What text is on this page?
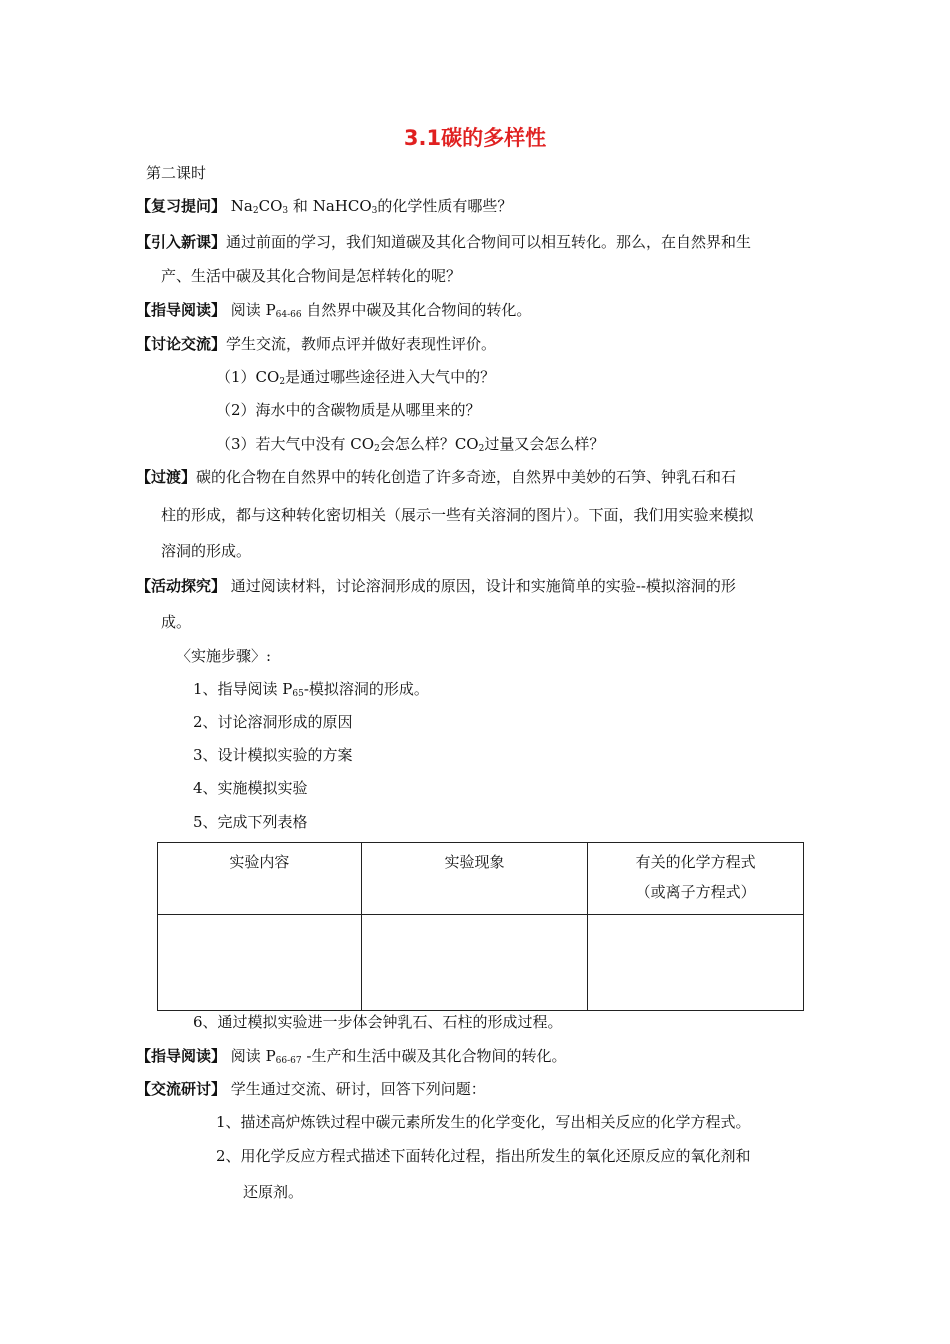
3.1碳的多样性
第二课时
【复习提问】 $Na_2CO_3$ 和 NaHCO$_3$的化学性质有哪些？
【引入新课】通过前面的学习，我们知道碳及其化合物间可以相互转化。那么，在自然界和生
产、生活中碳及其化合物间是怎样转化的呢？
【指导阅读】 阅读 $P_{64-66}$ 自然界中碳及其化合物间的转化。
【讨论交流】学生交流，教师点评并做好表现性评价。
$(1)CO_2$是通过哪些途径进入大气中的？
（2）海水中的含碳物质是从哪里来的？
（3）若大气中没有 $CO_2$会怎么样？$CO_2$过量又会怎么样？
【过渡】碳的化合物在自然界中的转化创造了许多奇迹，自然界中美妙的石笋、钟乳石和石
柱的形成，都与这种转化密切相关（展示一些有关溶洞的图片）。下面，我们用实验来模拟
溶洞的形成。
【活动探究】 通过阅读材料，讨论溶洞形成的原因，设计和实施简单的实验--模拟溶洞的形
成。
〈实施步骤〉:
1、指导阅读 $P_{65}-$模拟溶洞的形成。
2、讨论溶洞形成的原因
3、设计模拟实验的方案
4、实施模拟实验
5、完成下列表格
实验内容	实验现象	有关的化学方程式
（或离子方程式）

6、通过模拟实验进一步体会钟乳石、石柱的形成过程。
【指导阅读】 阅读 $P_{66-67}$ -生产和生活中碳及其化合物间的转化。
【交流研讨】 学生通过交流、研讨，回答下列问题：
1、描述高炉炼铁过程中碳元素所发生的化学变化，写出相关反应的化学方程式。
2、用化学反应方程式描述下面转化过程，指出所发生的氧化还原反应的氧化剂和
还原剂。
